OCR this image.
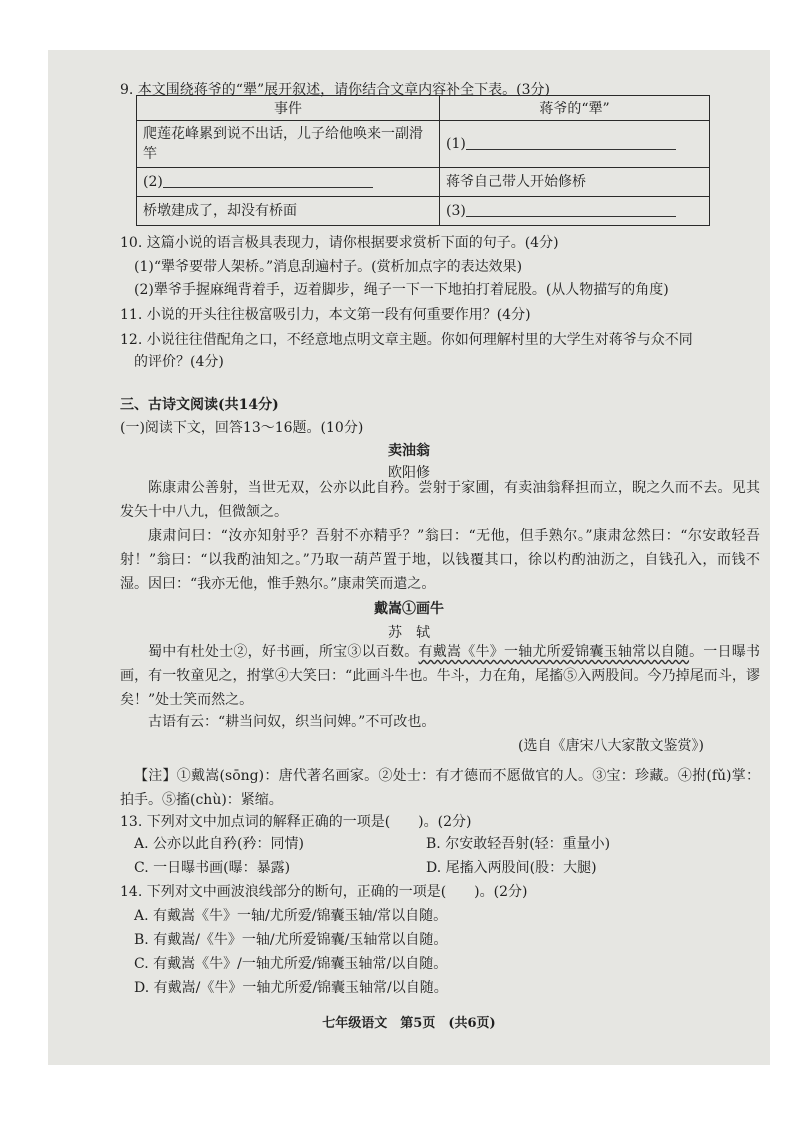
9. 本文围绕蒋爷的“犟”展开叙述，请你结合文章内容补全下表。(3分)
事件	蒋爷的“犟”
爬莲花峰累到说不出话，儿子给他唤来一副滑竿	(1)
(2)	蒋爷自己带人开始修桥
桥墩建成了，却没有桥面	(3)
10. 这篇小说的语言极具表现力，请你根据要求赏析下面的句子。(4分)
(1)“犟爷要带人架桥。”消息刮遍村子。(赏析加点字的表达效果)
(2)犟爷手握麻绳背着手，迈着脚步，绳子一下一下地拍打着屁股。(从人物描写的角度)
11. 小说的开头往往极富吸引力，本文第一段有何重要作用？(4分)
12. 小说往往借配角之口，不经意地点明文章主题。你如何理解村里的大学生对蒋爷与众不同
的评价？(4分)
三、古诗文阅读(共14分)
(一)阅读下文，回答13～16题。(10分)
卖油翁
欧阳修
陈康肃公善射，当世无双，公亦以此自矜。尝射于家圃，有卖油翁释担而立，睨之久而不去。见其发矢十中八九，但微颔之。
康肃问曰：“汝亦知射乎？吾射不亦精乎？”翁曰：“无他，但手熟尔。”康肃忿然曰：“尔安敢轻吾射！”翁曰：“以我酌油知之。”乃取一葫芦置于地，以钱覆其口，徐以杓酌油沥之，自钱孔入，而钱不湿。因曰：“我亦无他，惟手熟尔。”康肃笑而遣之。
戴嵩①画牛
苏　轼
蜀中有杜处士②，好书画，所宝③以百数。有戴嵩《牛》一轴尤所爱锦囊玉轴常以自随。一日曝书画，有一牧童见之，拊掌④大笑曰：“此画斗牛也。牛斗，力在角，尾搐⑤入两股间。今乃掉尾而斗，谬矣！”处士笑而然之。
古语有云：“耕当问奴，织当问婢。”不可改也。
(选自《唐宋八大家散文鉴赏》)
【注】①戴嵩(sōng)：唐代著名画家。②处士：有才德而不愿做官的人。③宝：珍藏。④拊(fǔ)掌：拍手。⑤搐(chù)：紧缩。
13. 下列对文中加点词的解释正确的一项是(　　)。(2分)
A. 公亦以此自矜(矜：同情)	B. 尔安敢轻吾射(轻：重量小)
C. 一日曝书画(曝：暴露)	D. 尾搐入两股间(股：大腿)
14. 下列对文中画波浪线部分的断句，正确的一项是(　　)。(2分)
A. 有戴嵩《牛》一轴/尤所爱/锦囊玉轴/常以自随。
B. 有戴嵩/《牛》一轴/尤所爱锦囊/玉轴常以自随。
C. 有戴嵩《牛》/一轴尤所爱/锦囊玉轴常/以自随。
D. 有戴嵩/《牛》一轴尤所爱/锦囊玉轴常/以自随。
七年级语文　第5页　(共6页)
